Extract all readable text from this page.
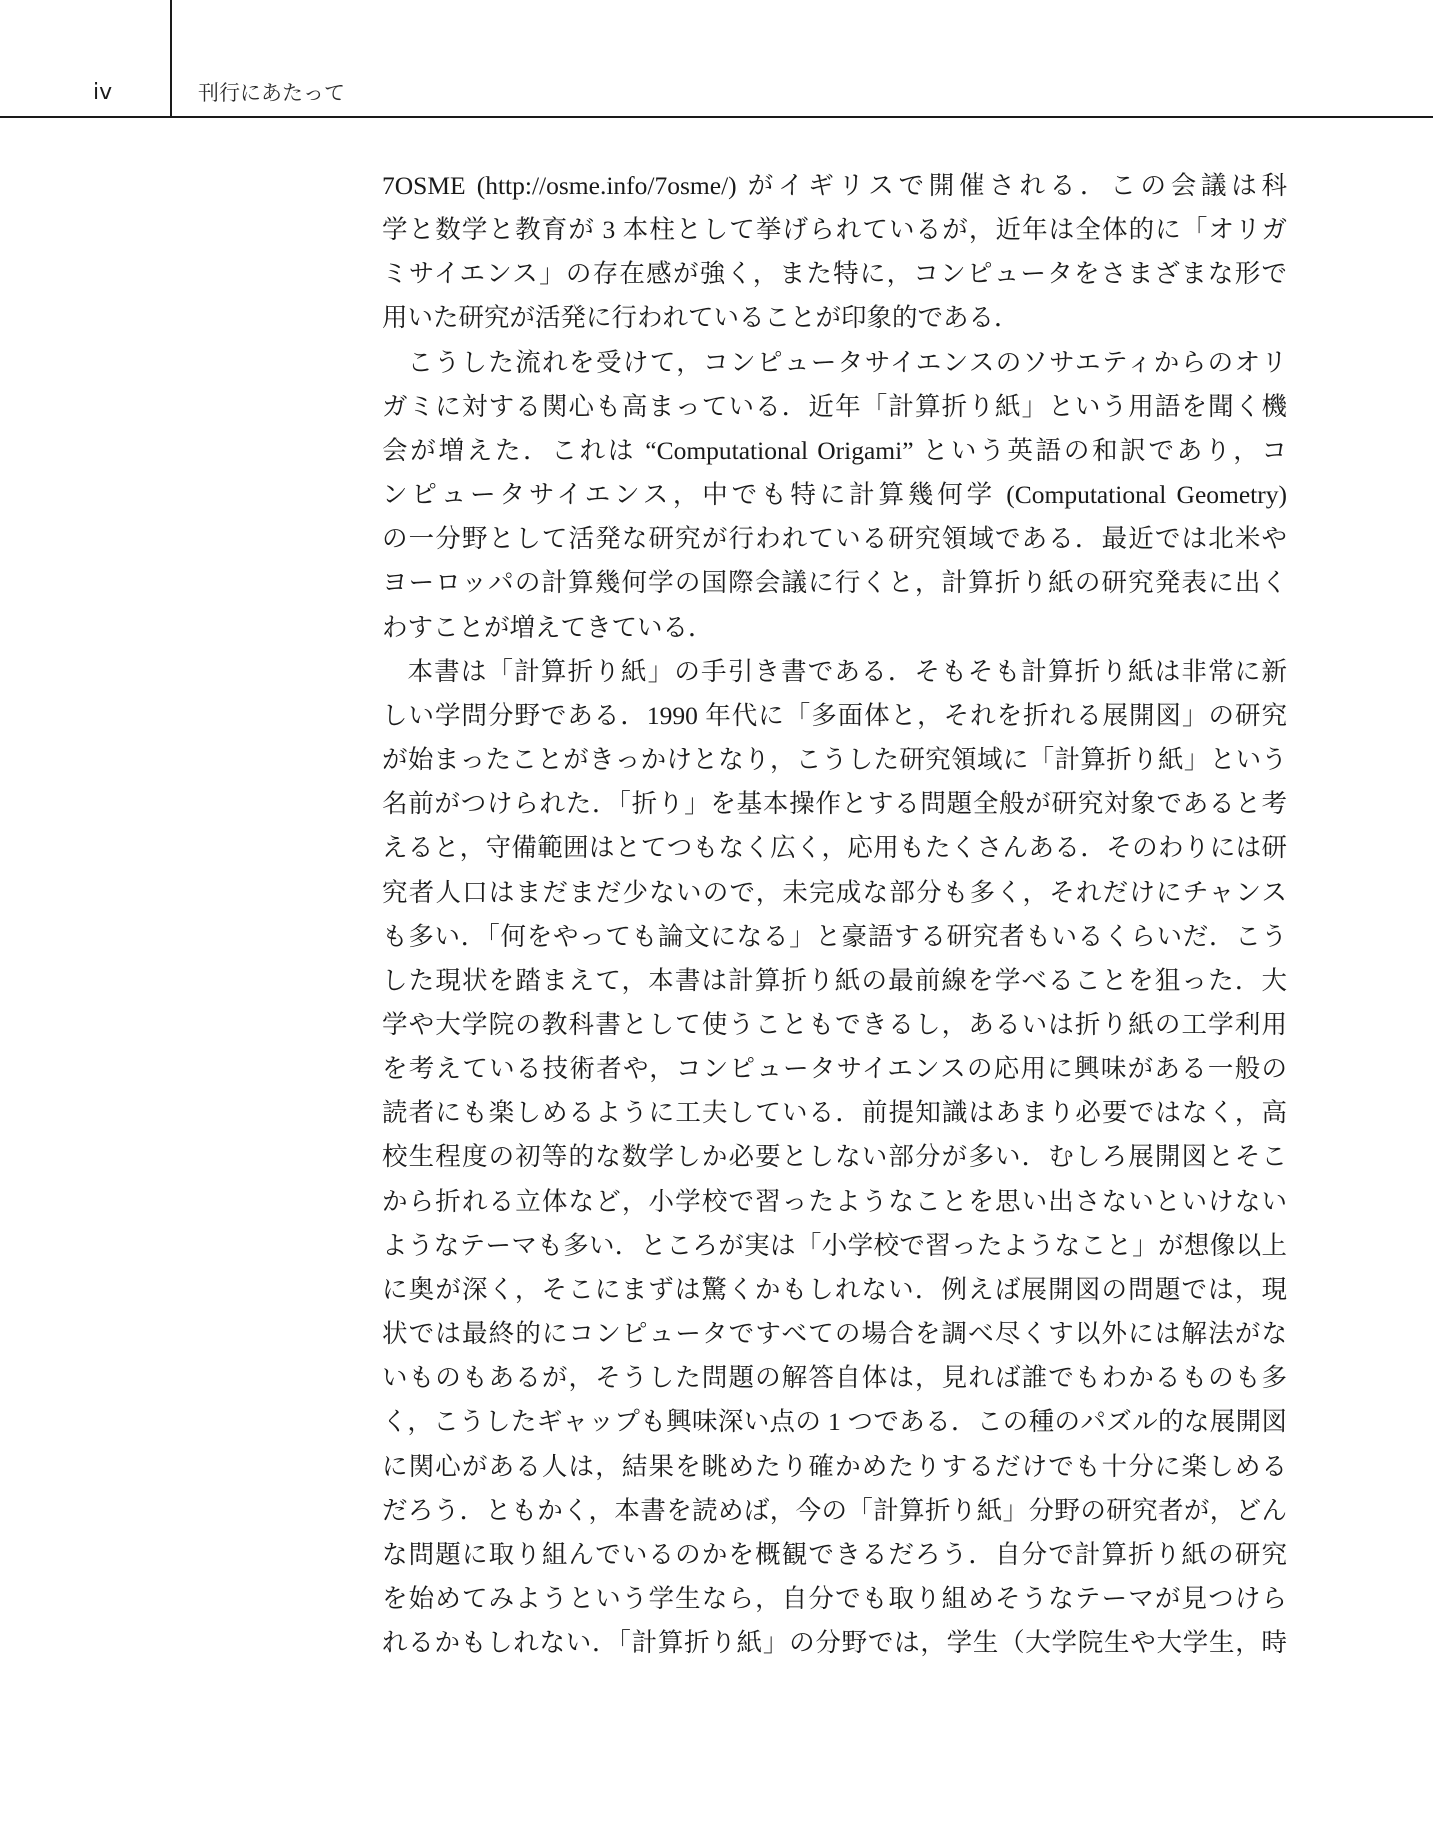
iv	刊行にあたって

7OSME (http://osme.info/7osme/) がイギリスで開催される．この会議は科
学と数学と教育が 3 本柱として挙げられているが，近年は全体的に「オリガ
ミサイエンス」の存在感が強く，また特に，コンピュータをさまざまな形で
用いた研究が活発に行われていることが印象的である．

こうした流れを受けて，コンピュータサイエンスのソサエティからのオリ
ガミに対する関心も高まっている．近年「計算折り紙」という用語を聞く機
会が増えた．これは “Computational Origami” という英語の和訳であり，コ
ンピュータサイエンス，中でも特に計算幾何学 (Computational Geometry)
の一分野として活発な研究が行われている研究領域である．最近では北米や
ヨーロッパの計算幾何学の国際会議に行くと，計算折り紙の研究発表に出く
わすことが増えてきている．

本書は「計算折り紙」の手引き書である．そもそも計算折り紙は非常に新
しい学問分野である．1990 年代に「多面体と，それを折れる展開図」の研究
が始まったことがきっかけとなり，こうした研究領域に「計算折り紙」という
名前がつけられた．「折り」を基本操作とする問題全般が研究対象であると考
えると，守備範囲はとてつもなく広く，応用もたくさんある．そのわりには研
究者人口はまだまだ少ないので，未完成な部分も多く，それだけにチャンス
も多い．「何をやっても論文になる」と豪語する研究者もいるくらいだ．こう
した現状を踏まえて，本書は計算折り紙の最前線を学べることを狙った．大
学や大学院の教科書として使うこともできるし，あるいは折り紙の工学利用
を考えている技術者や，コンピュータサイエンスの応用に興味がある一般の
読者にも楽しめるように工夫している．前提知識はあまり必要ではなく，高
校生程度の初等的な数学しか必要としない部分が多い．むしろ展開図とそこ
から折れる立体など，小学校で習ったようなことを思い出さないといけない
ようなテーマも多い．ところが実は「小学校で習ったようなこと」が想像以上
に奥が深く，そこにまずは驚くかもしれない．例えば展開図の問題では，現
状では最終的にコンピュータですべての場合を調べ尽くす以外には解法がな
いものもあるが，そうした問題の解答自体は，見れば誰でもわかるものも多
く，こうしたギャップも興味深い点の 1 つである．この種のパズル的な展開図
に関心がある人は，結果を眺めたり確かめたりするだけでも十分に楽しめる
だろう．ともかく，本書を読めば，今の「計算折り紙」分野の研究者が，どん
な問題に取り組んでいるのかを概観できるだろう．自分で計算折り紙の研究
を始めてみようという学生なら，自分でも取り組めそうなテーマが見つけら
れるかもしれない．「計算折り紙」の分野では，学生（大学院生や大学生，時
